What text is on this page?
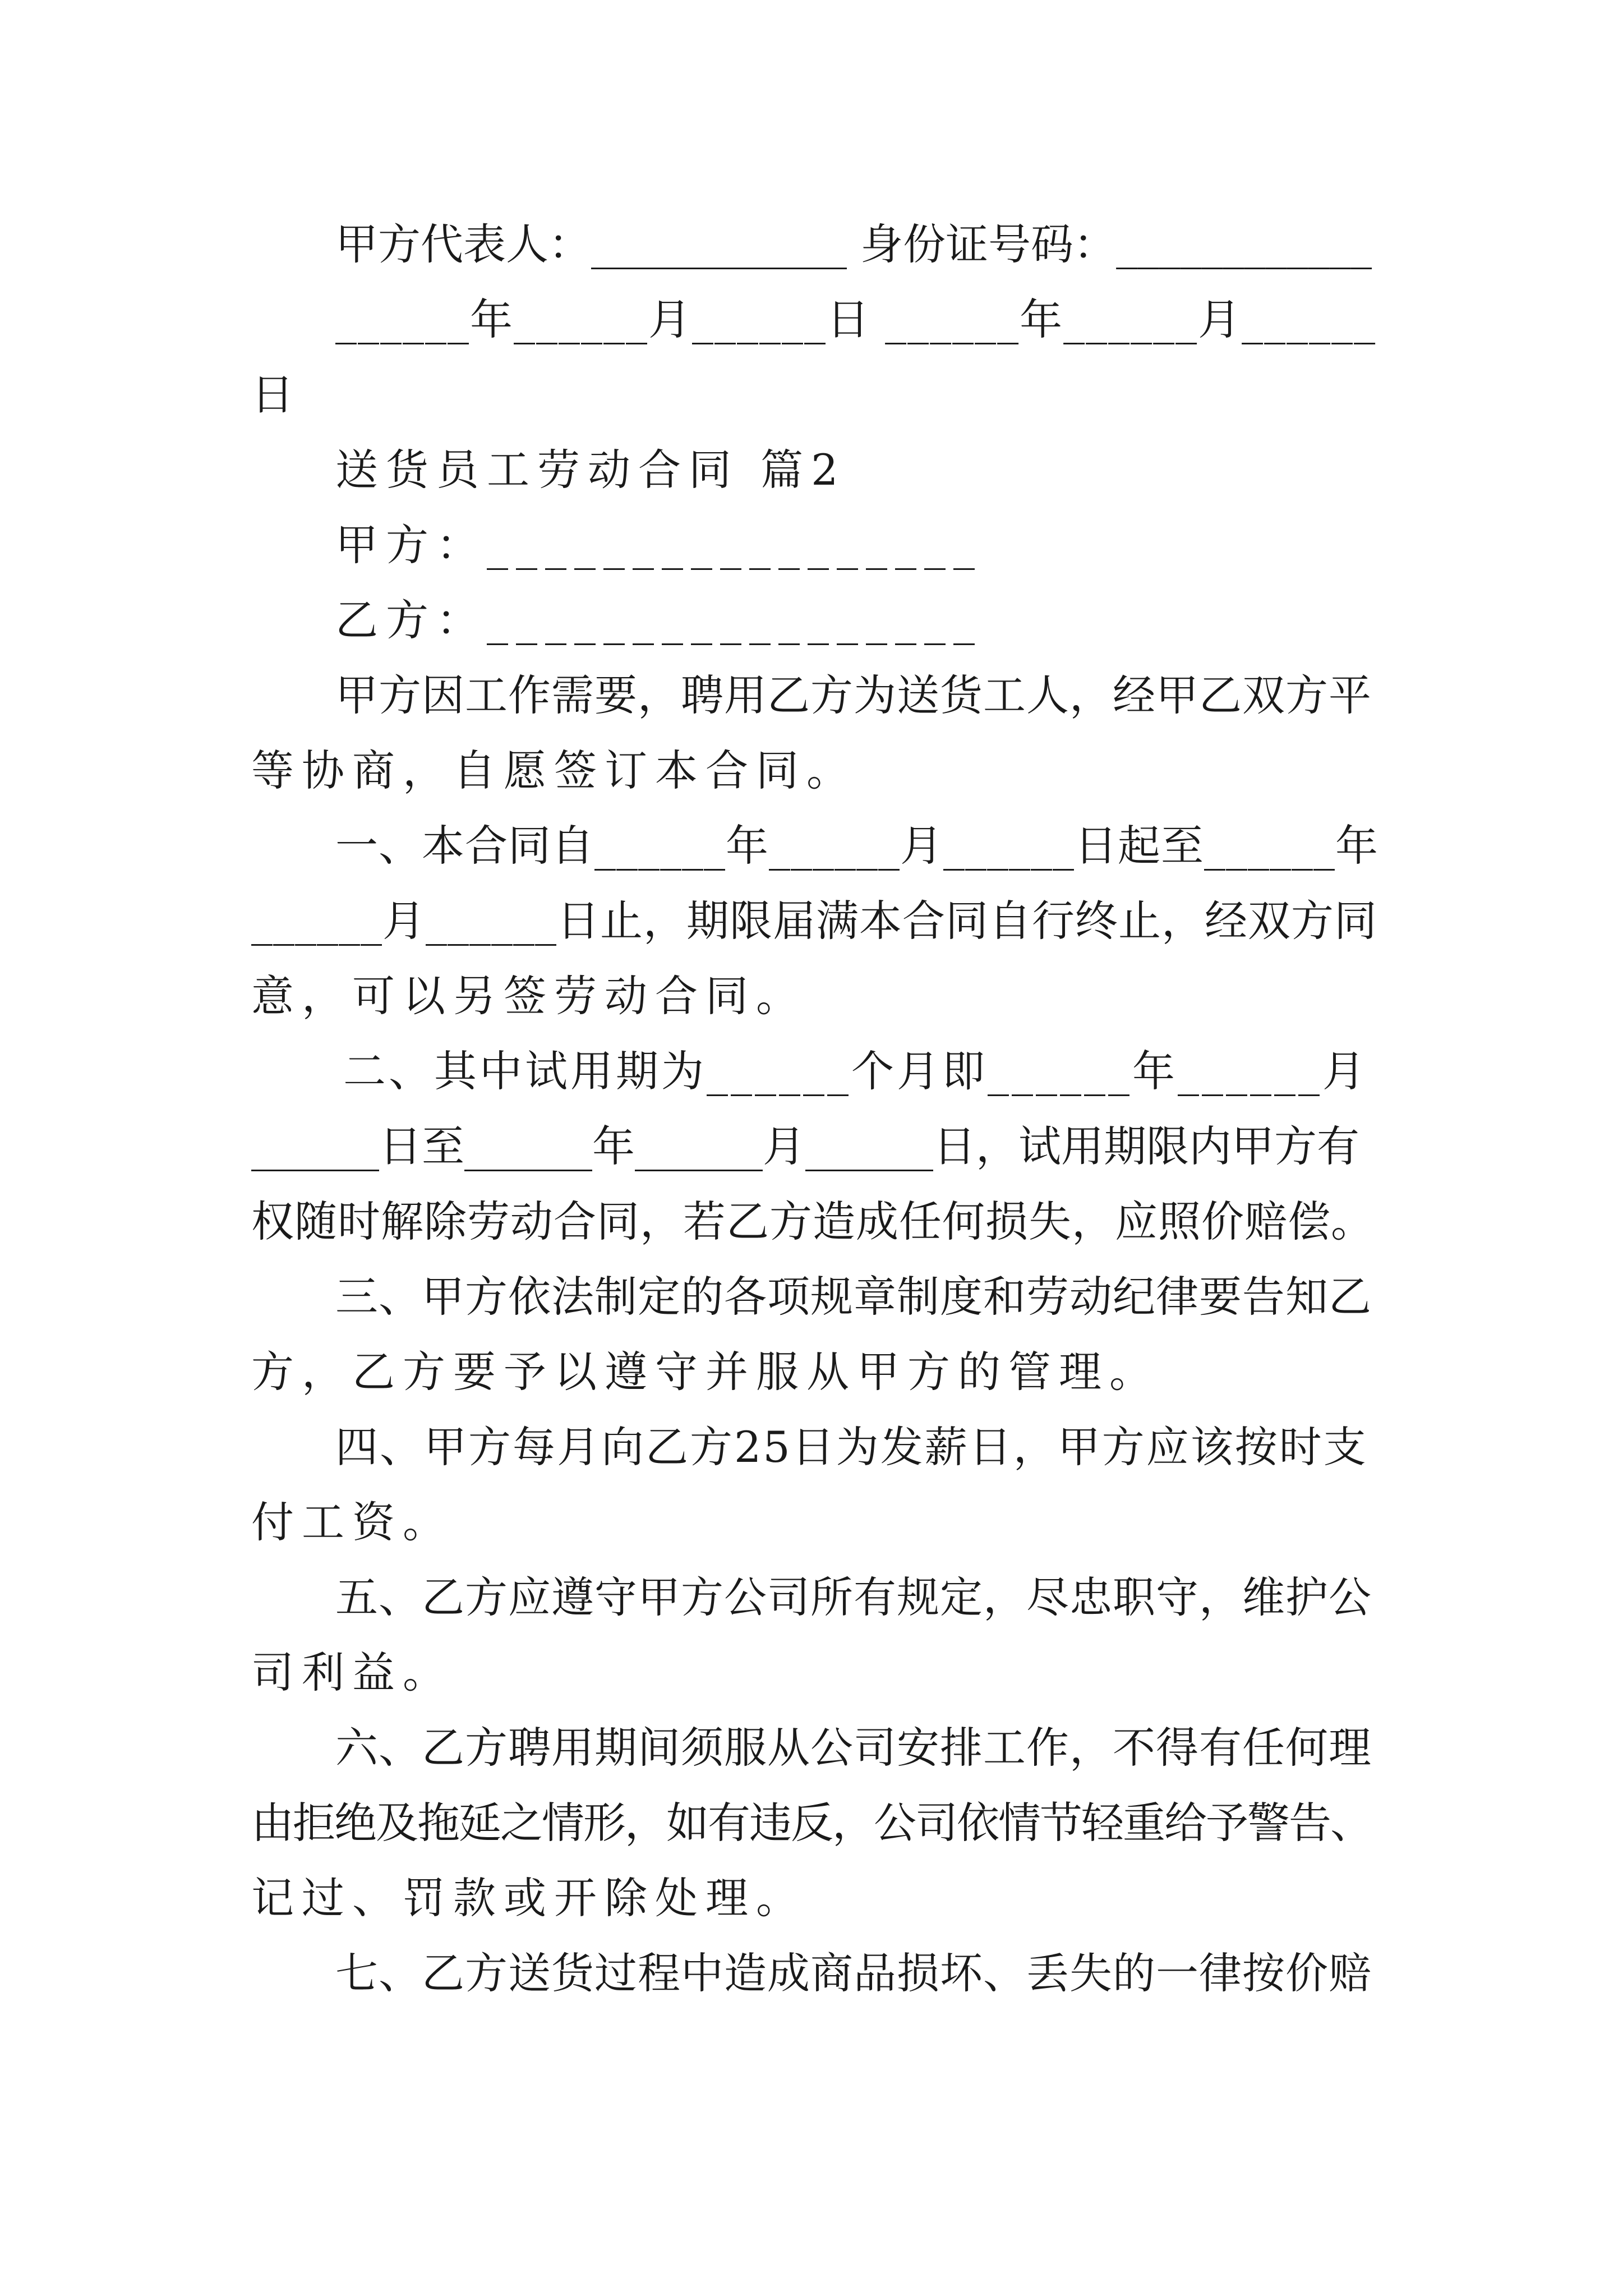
甲方代表人：____________ 身份证号码：____________
______年______月______日 ______年______月______
日
送货员工劳动合同 篇2
甲方：_________________
乙方：_________________
甲方因工作需要，聘用乙方为送货工人，经甲乙双方平
等协商，自愿签订本合同。
一、本合同自______年______月______日起至______年
______月______日止，期限届满本合同自行终止，经双方同
意，可以另签劳动合同。
二、其中试用期为______个月即______年______月
______日至______年______月______日，试用期限内甲方有
权随时解除劳动合同，若乙方造成任何损失，应照价赔偿。
三、甲方依法制定的各项规章制度和劳动纪律要告知乙
方，乙方要予以遵守并服从甲方的管理。
四、甲方每月向乙方25日为发薪日，甲方应该按时支
付工资。
五、乙方应遵守甲方公司所有规定，尽忠职守，维护公
司利益。
六、乙方聘用期间须服从公司安排工作，不得有任何理
由拒绝及拖延之情形，如有违反，公司依情节轻重给予警告、
记过、罚款或开除处理。
七、乙方送货过程中造成商品损坏、丢失的一律按价赔
